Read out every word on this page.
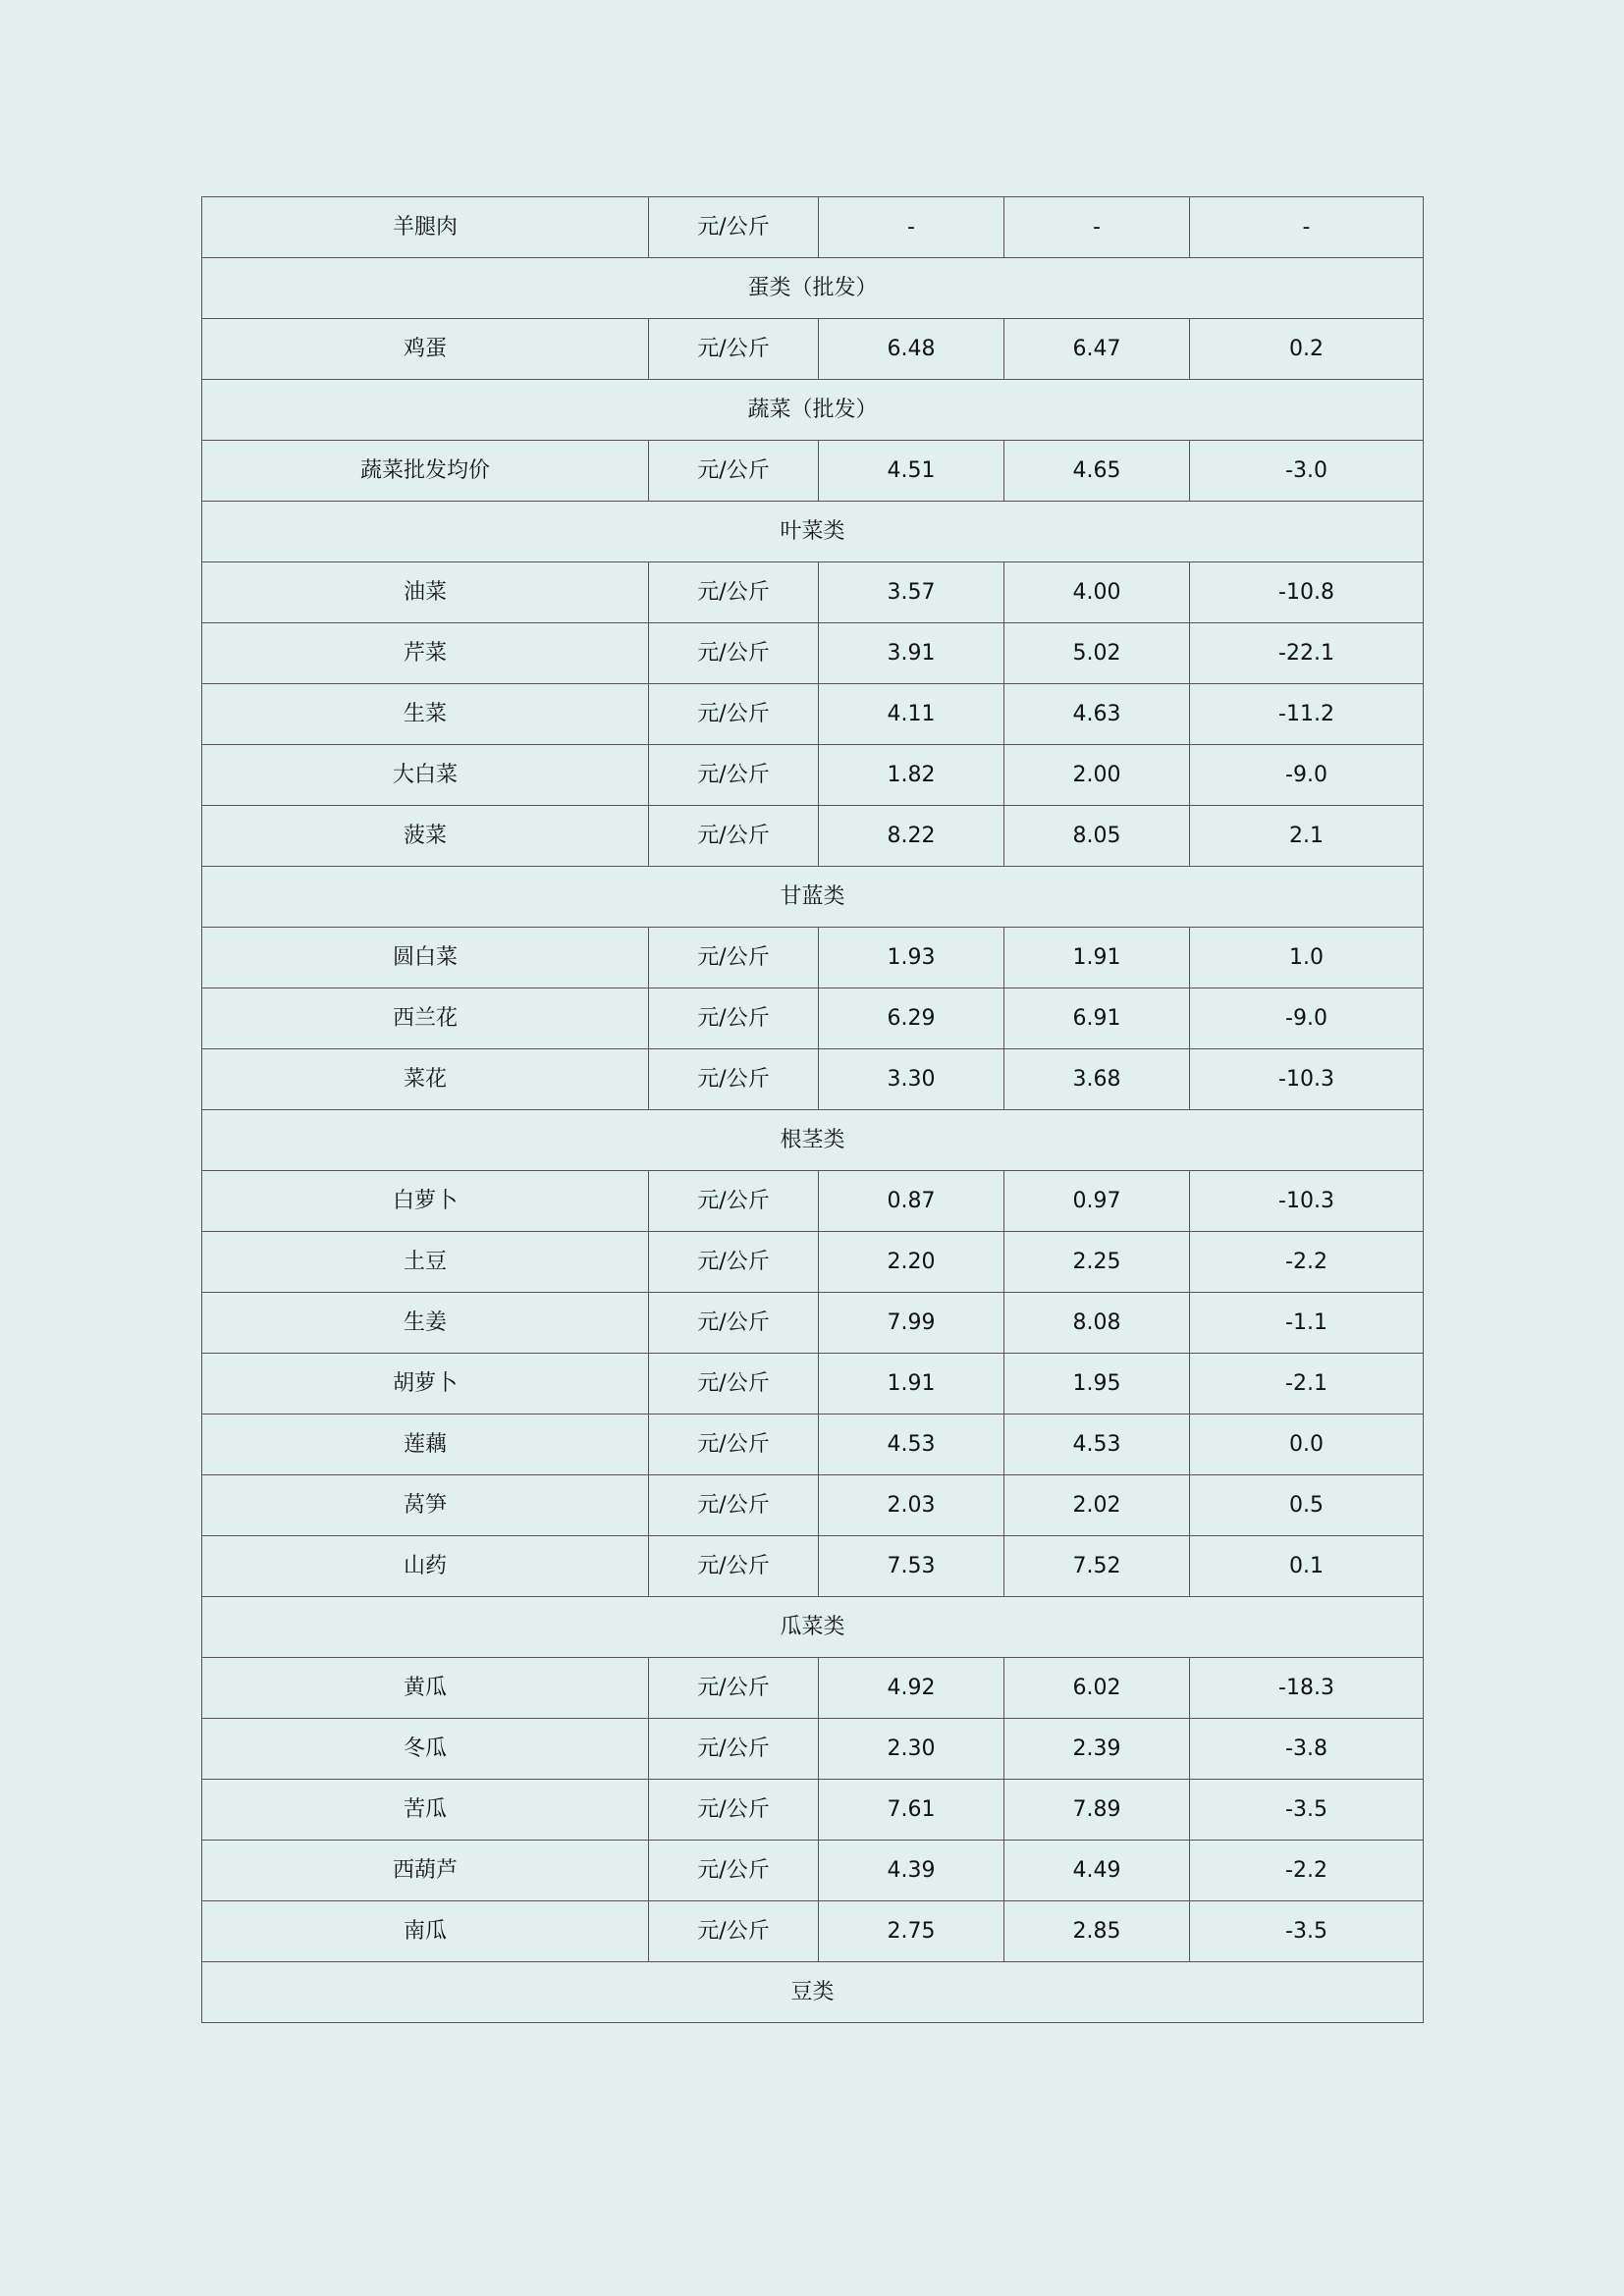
羊腿肉	元/公斤	-	-	-
蛋类（批发）				
鸡蛋	元/公斤	6.48	6.47	0.2
蔬菜（批发）				
蔬菜批发均价	元/公斤	4.51	4.65	-3.0
叶菜类				
油菜	元/公斤	3.57	4.00	-10.8
芹菜	元/公斤	3.91	5.02	-22.1
生菜	元/公斤	4.11	4.63	-11.2
大白菜	元/公斤	1.82	2.00	-9.0
菠菜	元/公斤	8.22	8.05	2.1
甘蓝类				
圆白菜	元/公斤	1.93	1.91	1.0
西兰花	元/公斤	6.29	6.91	-9.0
菜花	元/公斤	3.30	3.68	-10.3
根茎类				
白萝卜	元/公斤	0.87	0.97	-10.3
土豆	元/公斤	2.20	2.25	-2.2
生姜	元/公斤	7.99	8.08	-1.1
胡萝卜	元/公斤	1.91	1.95	-2.1
莲藕	元/公斤	4.53	4.53	0.0
莴笋	元/公斤	2.03	2.02	0.5
山药	元/公斤	7.53	7.52	0.1
瓜菜类				
黄瓜	元/公斤	4.92	6.02	-18.3
冬瓜	元/公斤	2.30	2.39	-3.8
苦瓜	元/公斤	7.61	7.89	-3.5
西葫芦	元/公斤	4.39	4.49	-2.2
南瓜	元/公斤	2.75	2.85	-3.5
豆类				
